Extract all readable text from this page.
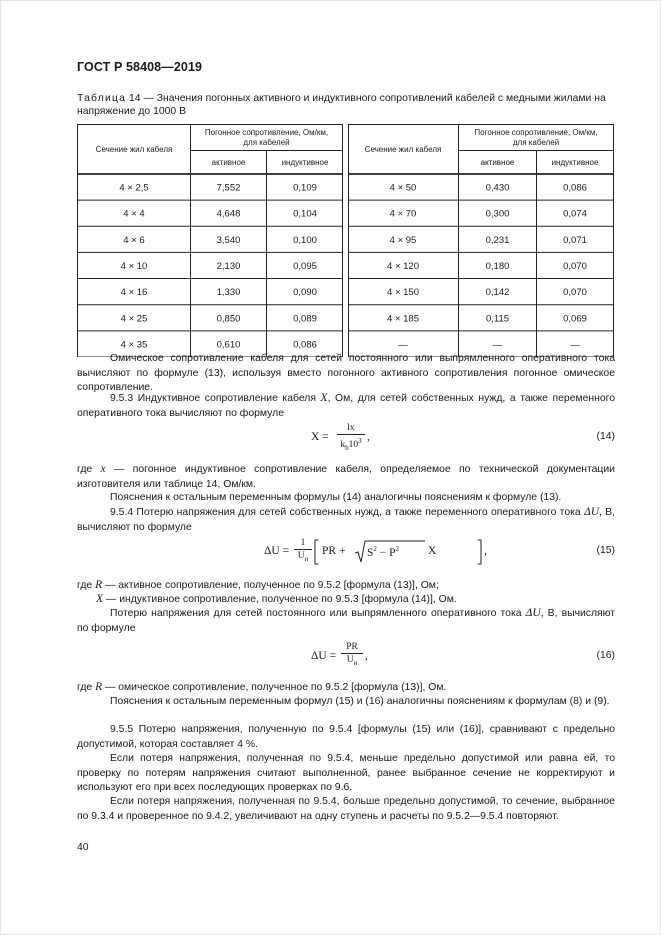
ГОСТ Р 58408—2019
Таблица 14 — Значения погонных активного и индуктивного сопротивлений кабелей с медными жилами на напряжение до 1000 В
Сечение жил кабеля
Погонное сопротивление, Ом/км, для кабелей
активное	индуктивное
Сечение жил кабеля
Погонное сопротивление, Ом/км, для кабелей
активное	индуктивное
4 × 2,5	7,552	0,109
4 × 4	4,648	0,104
4 × 6	3,540	0,100
4 × 10	2,130	0,095
4 × 16	1,330	0,090
4 × 25	0,850	0,089
4 × 35	0,610	0,086
4 × 50	0,430	0,086
4 × 70	0,300	0,074
4 × 95	0,231	0,071
4 × 120	0,180	0,070
4 × 150	0,142	0,070
4 × 185	0,115	0,069
—	—	—

Омическое сопротивление кабеля для сетей постоянного или выпрямленного оперативного тока вычисляют по формуле (13), используя вместо погонного активного сопротивления погонное омическое сопротивление.

9.5.3 Индуктивное сопротивление кабеля X, Ом, для сетей собственных нужд, а также переменного оперативного тока вычисляют по формуле

$X = \frac{lx}{k_h10^3}$ ,	(14)

где x — погонное индуктивное сопротивление кабеля, определяемое по технической документации изготовителя или таблице 14, Ом/км.

Пояснения к остальным переменным формулы (14) аналогичны пояснениям к формуле (13).

9.5.4 Потерю напряжения для сетей собственных нужд, а также переменного оперативного тока ΔU, В, вычисляют по формуле

ΔU =
1
$U_н$
PR + $S^2 - P^2$	X	,	(15)

где R — активное сопротивление, полученное по 9.5.2 [формула (13)], Ом;

X — индуктивное сопротивление, полученное по 9.5.3 [формула (14)], Ом.

Потерю напряжения для сетей постоянного или выпрямленного оперативного тока ΔU, В, вычисляют по формуле

ΔU =
PR
$U_н$
,	(16)

где R — омическое сопротивление, полученное по 9.5.2 [формула (13)], Ом.

Пояснения к остальным переменным формул (15) и (16) аналогичны пояснениям к формулам (8) и (9).

9.5.5 Потерю напряжения, полученную по 9.5.4 [формулы (15) или (16)], сравнивают с предельно допустимой, которая составляет 4 %.

Если потеря напряжения, полученная по 9.5.4, меньше предельно допустимой или равна ей, то проверку по потерям напряжения считают выполненной, ранее выбранное сечение не корректируют и используют его при всех последующих проверках по 9.6.

Если потеря напряжения, полученная по 9.5.4, больше предельно допустимой, то сечение, выбранное по 9.3.4 и проверенное по 9.4.2, увеличивают на одну ступень и расчеты по 9.5.2—9.5.4 повторяют.

40
